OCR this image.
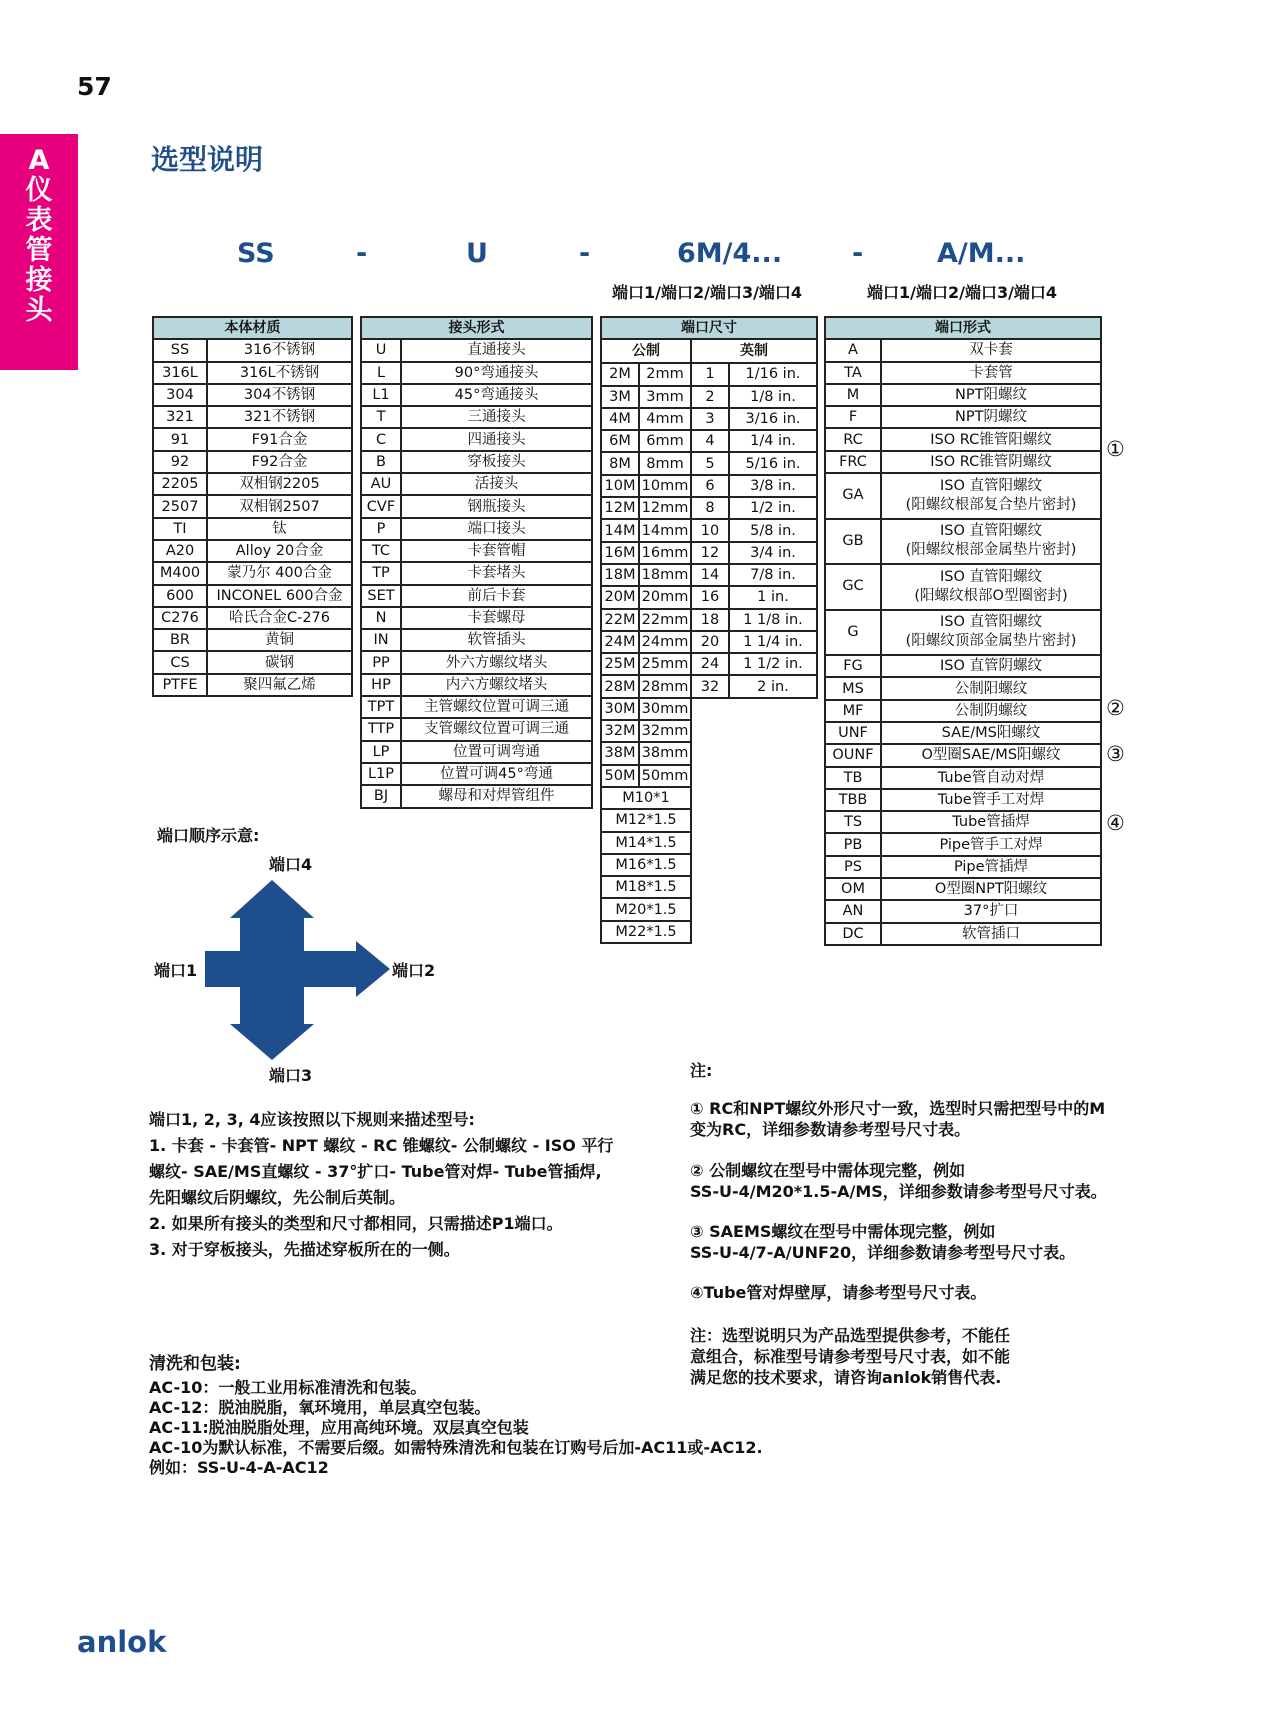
57
A
仪
表
管
接
头
选型说明
SS	-	U	-	6M/4...	-	A/M...
端口1/端口2/端口3/端口4	端口1/端口2/端口3/端口4
本体材质	
SS	316不锈钢
316L	316L不锈钢
304	304不锈钢
321	321不锈钢
91	F91合金
92	F92合金
2205	双相钢2205
2507	双相钢2507
TI	钛
A20	Alloy 20合金
M400	蒙乃尔 400合金
600	INCONEL 600合金
C276	哈氏合金C-276
BR	黄铜
CS	碳钢
PTFE	聚四氟乙烯
接头形式	
U	直通接头
L	90°弯通接头
L1	45°弯通接头
T	三通接头
C	四通接头
B	穿板接头
AU	活接头
CVF	钢瓶接头
P	端口接头
TC	卡套管帽
TP	卡套堵头
SET	前后卡套
N	卡套螺母
IN	软管插头
PP	外六方螺纹堵头
HP	内六方螺纹堵头
TPT	主管螺纹位置可调三通
TTP	支管螺纹位置可调三通
LP	位置可调弯通
L1P	位置可调45°弯通
BJ	螺母和对焊管组件
端口尺寸			
公制		英制	
2M	2mm	1	1/16 in.
3M	3mm	2	1/8 in.
4M	4mm	3	3/16 in.
6M	6mm	4	1/4 in.
8M	8mm	5	5/16 in.
10M	10mm	6	3/8 in.
12M	12mm	8	1/2 in.
14M	14mm	10	5/8 in.
16M	16mm	12	3/4 in.
18M	18mm	14	7/8 in.
20M	20mm	16	1 in.
22M	22mm	18	1 1/8 in.
24M	24mm	20	1 1/4 in.
25M	25mm	24	1 1/2 in.
28M	28mm	32	2 in.
30M	30mm		
32M	32mm		
38M	38mm		
50M	50mm		
M10*1			
M12*1.5			
M14*1.5			
M16*1.5			
M18*1.5			
M20*1.5			
M22*1.5			
端口形式	
A	双卡套

TA	卡套管

M	NPT阳螺纹

F	NPT阴螺纹

RC	ISO RC锥管阳螺纹

FRC	ISO RC锥管阴螺纹

GA	ISO 直管阳螺纹
(阳螺纹根部复合垫片密封)

GB	ISO 直管阳螺纹
(阳螺纹根部金属垫片密封)

GC	ISO 直管阳螺纹
(阳螺纹根部O型圈密封)

G	ISO 直管阳螺纹
(阳螺纹顶部金属垫片密封)

FG	ISO 直管阴螺纹

MS	公制阳螺纹

MF	公制阴螺纹

UNF	SAE/MS阳螺纹

OUNF	O型圈SAE/MS阳螺纹

TB	Tube管自动对焊

TBB	Tube管手工对焊

TS	Tube管插焊

PB	Pipe管手工对焊

PS	Pipe管插焊

OM	O型圈NPT阳螺纹

AN	37°扩口

DC	软管插口
①
②
③
④
端口顺序示意:
端口4
端口1	端口2
端口3
端口1, 2, 3, 4应该按照以下规则来描述型号:
1. 卡套 - 卡套管- NPT 螺纹 - RC 锥螺纹- 公制螺纹 - ISO 平行
螺纹- SAE/MS直螺纹 - 37°扩口- Tube管对焊- Tube管插焊,
先阳螺纹后阴螺纹，先公制后英制。
2. 如果所有接头的类型和尺寸都相同，只需描述P1端口。
3. 对于穿板接头，先描述穿板所在的一侧。
注:
① RC和NPT螺纹外形尺寸一致，选型时只需把型号中的M
变为RC，详细参数请参考型号尺寸表。
② 公制螺纹在型号中需体现完整，例如
SS-U-4/M20*1.5-A/MS，详细参数请参考型号尺寸表。
③ SAEMS螺纹在型号中需体现完整，例如
SS-U-4/7-A/UNF20，详细参数请参考型号尺寸表。
④Tube管对焊壁厚，请参考型号尺寸表。
注：选型说明只为产品选型提供参考，不能任
意组合，标准型号请参考型号尺寸表，如不能
满足您的技术要求，请咨询anlok销售代表.
清洗和包装:
AC-10：一般工业用标准清洗和包装。
AC-12：脱油脱脂，氧环境用，单层真空包装。
AC-11:脱油脱脂处理，应用高纯环境。双层真空包装
AC-10为默认标准，不需要后缀。如需特殊清洗和包装在订购号后加-AC11或-AC12.
例如：SS-U-4-A-AC12
anlok
